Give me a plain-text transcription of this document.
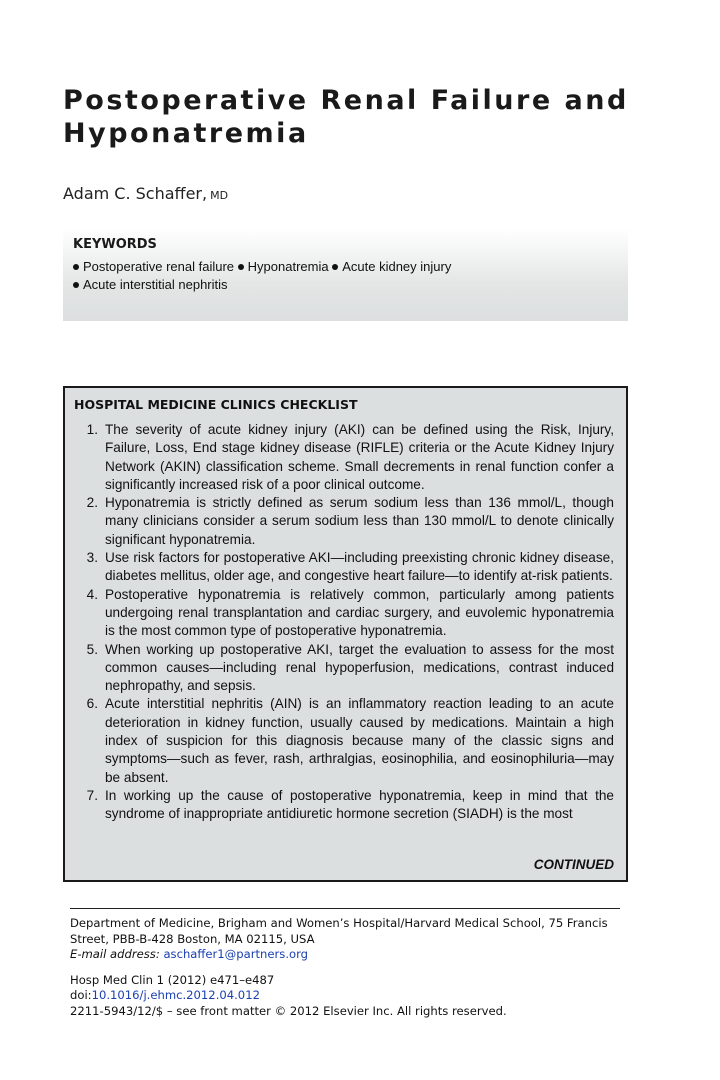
Postoperative Renal Failure and
Hyponatremia
Adam C. Schaffer, MD
KEYWORDS
Postoperative renal failure Hyponatremia Acute kidney injury
Acute interstitial nephritis
HOSPITAL MEDICINE CLINICS CHECKLIST
1. The severity of acute kidney injury (AKI) can be defined using the Risk, Injury, Failure, Loss, End stage kidney disease (RIFLE) criteria or the Acute Kidney Injury Network (AKIN) classification scheme. Small decrements in renal function confer a significantly increased risk of a poor clinical outcome.
2. Hyponatremia is strictly defined as serum sodium less than 136 mmol/L, though many clinicians consider a serum sodium less than 130 mmol/L to denote clinically significant hyponatremia.
3. Use risk factors for postoperative AKI—including preexisting chronic kidney disease, diabetes mellitus, older age, and congestive heart failure—to identify at-risk patients.
4. Postoperative hyponatremia is relatively common, particularly among patients undergoing renal transplantation and cardiac surgery, and euvolemic hyponatremia is the most common type of postoperative hyponatremia.
5. When working up postoperative AKI, target the evaluation to assess for the most common causes—including renal hypoperfusion, medications, contrast induced nephropathy, and sepsis.
6. Acute interstitial nephritis (AIN) is an inflammatory reaction leading to an acute deterioration in kidney function, usually caused by medications. Maintain a high index of suspicion for this diagnosis because many of the classic signs and symptoms—such as fever, rash, arthralgias, eosinophilia, and eosinophiluria—may be absent.
7. In working up the cause of postoperative hyponatremia, keep in mind that the syndrome of inappropriate antidiuretic hormone secretion (SIADH) is the most
CONTINUED
Department of Medicine, Brigham and Women’s Hospital/Harvard Medical School, 75 Francis Street, PBB-B-428 Boston, MA 02115, USA
E-mail address: aschaffer1@partners.org
Hosp Med Clin 1 (2012) e471–e487
doi:10.1016/j.ehmc.2012.04.012
2211-5943/12/$ – see front matter © 2012 Elsevier Inc. All rights reserved.
